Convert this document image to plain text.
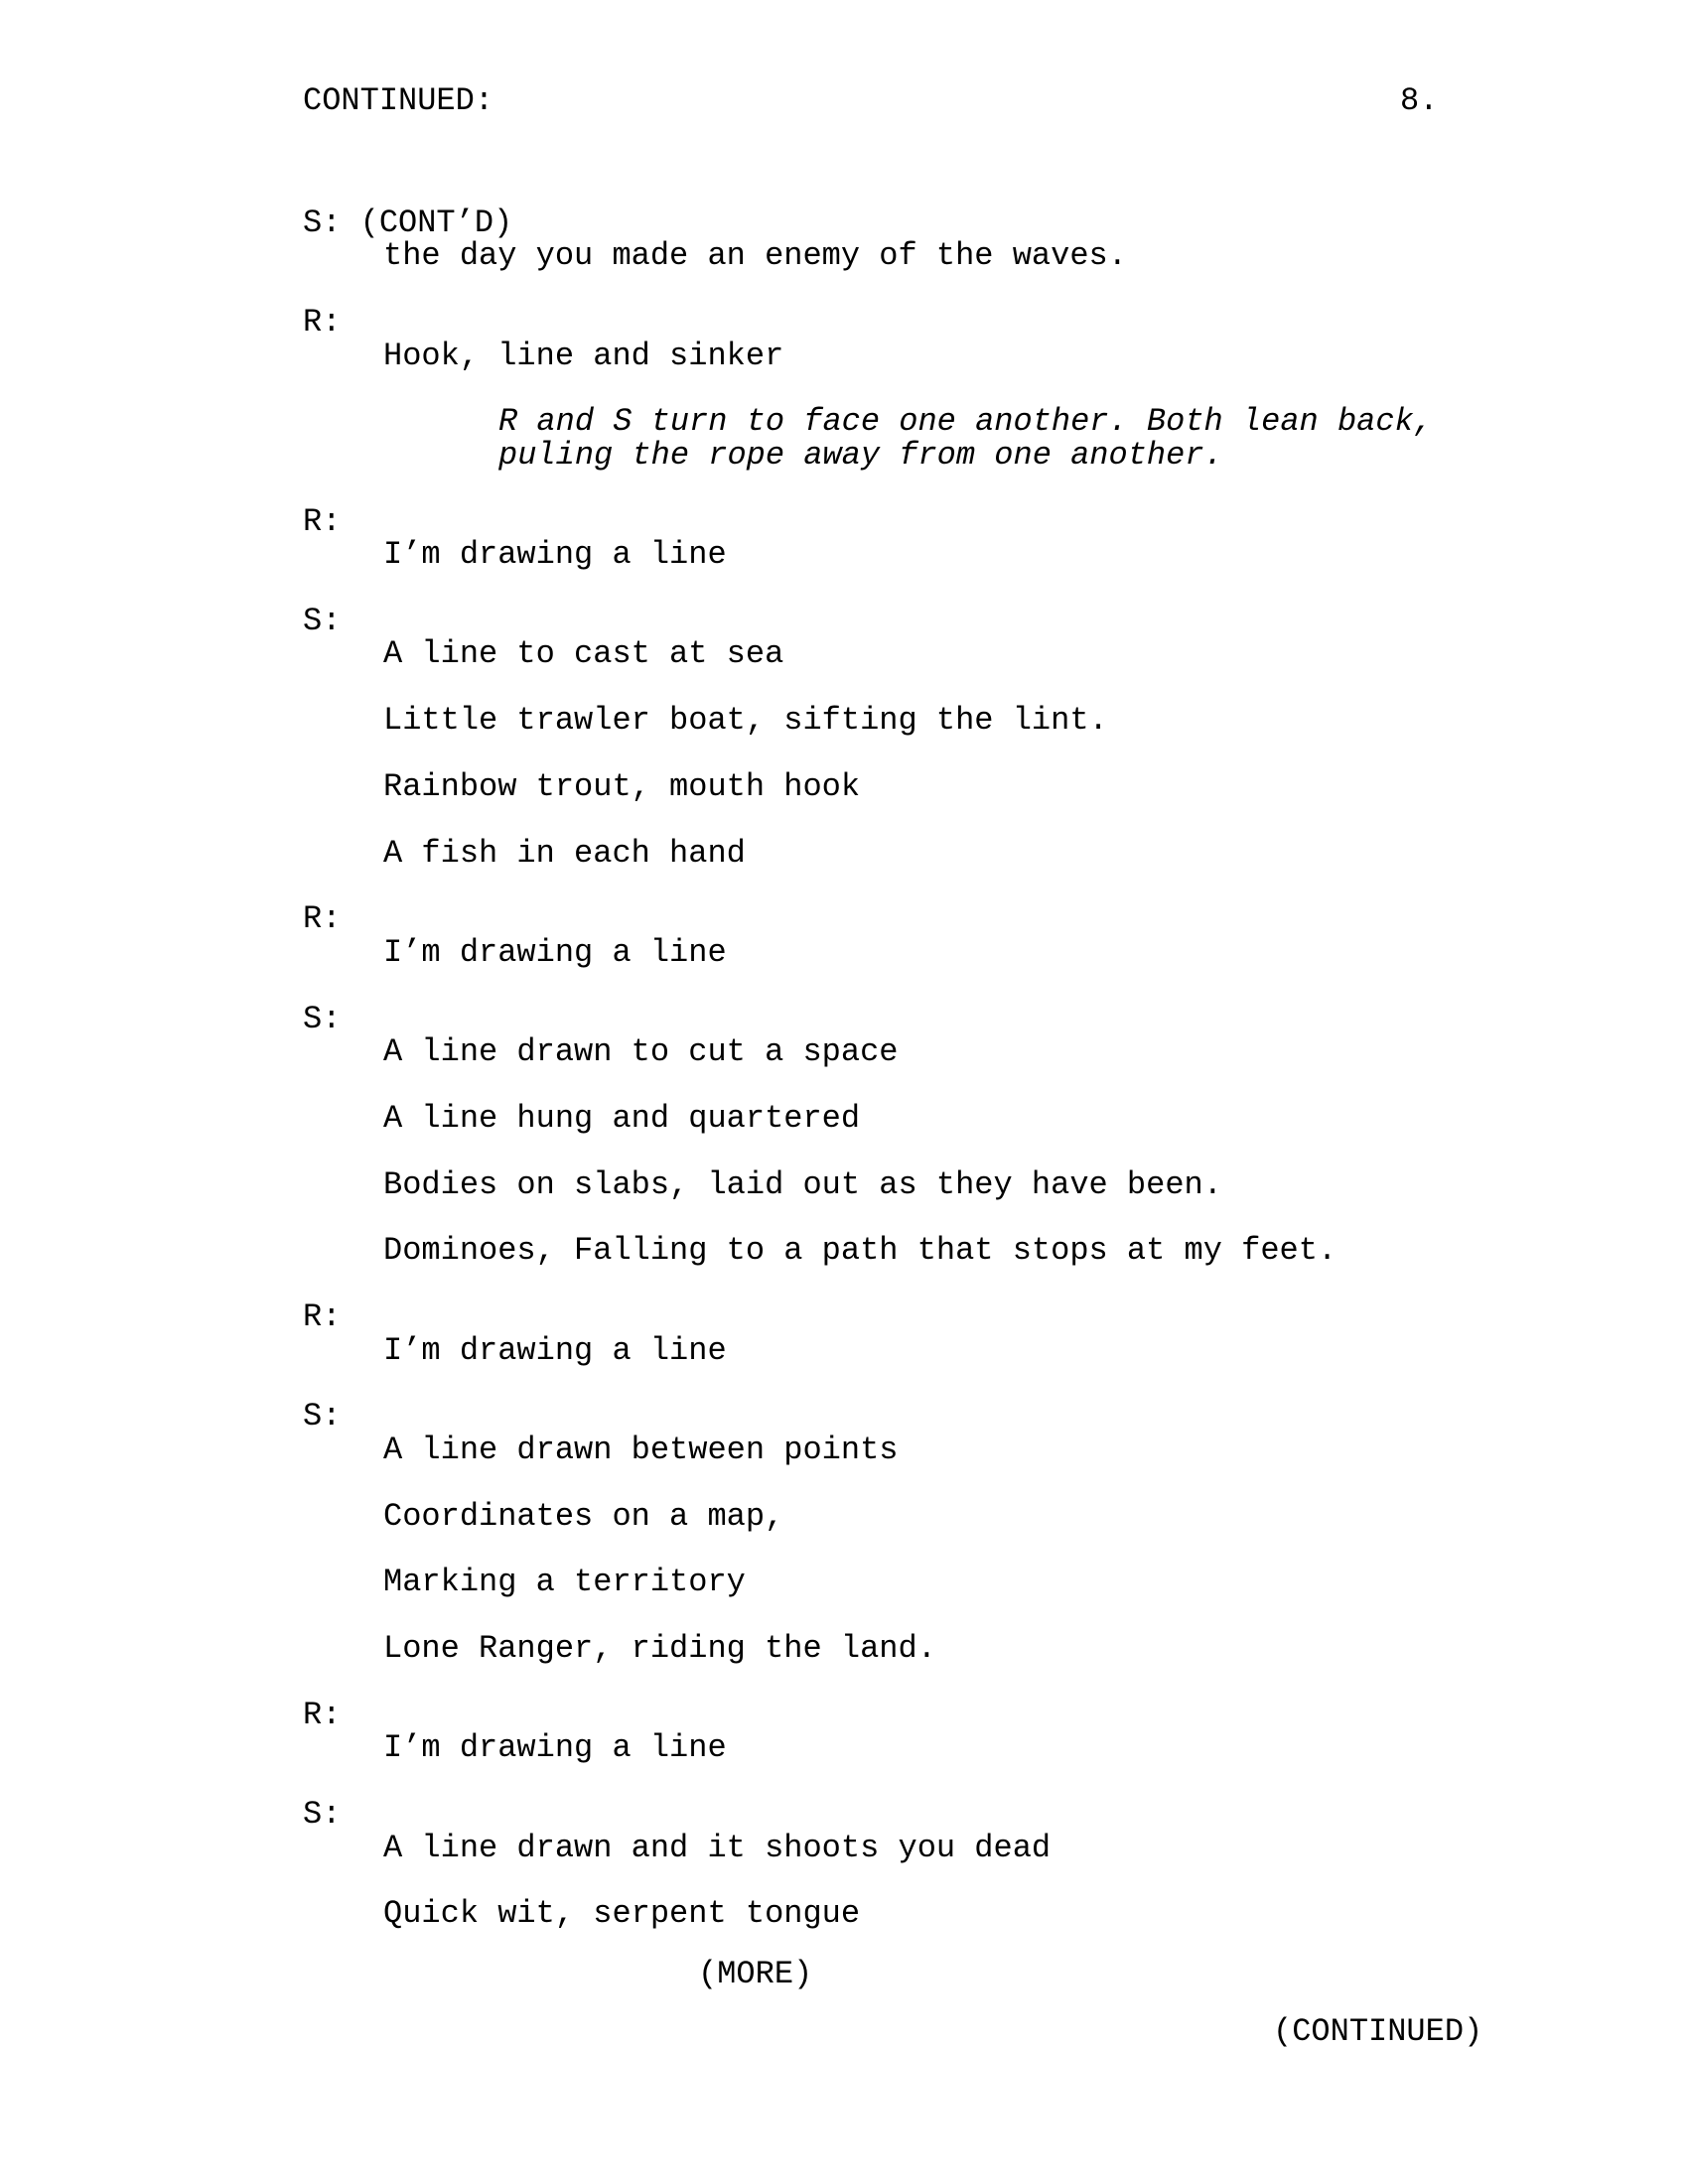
CONTINUED:	8.
S: (CONT’D)
the day you made an enemy of the waves.
R:
Hook, line and sinker
R and S turn to face one another. Both lean back,
puling the rope away from one another.
R:
I’m drawing a line
S:
A line to cast at sea
Little trawler boat, sifting the lint.
Rainbow trout, mouth hook
A fish in each hand
R:
I’m drawing a line
S:
A line drawn to cut a space
A line hung and quartered
Bodies on slabs, laid out as they have been.
Dominoes, Falling to a path that stops at my feet.
R:
I’m drawing a line
S:
A line drawn between points
Coordinates on a map,
Marking a territory
Lone Ranger, riding the land.
R:
I’m drawing a line
S:
A line drawn and it shoots you dead
Quick wit, serpent tongue
(MORE)
(CONTINUED)
